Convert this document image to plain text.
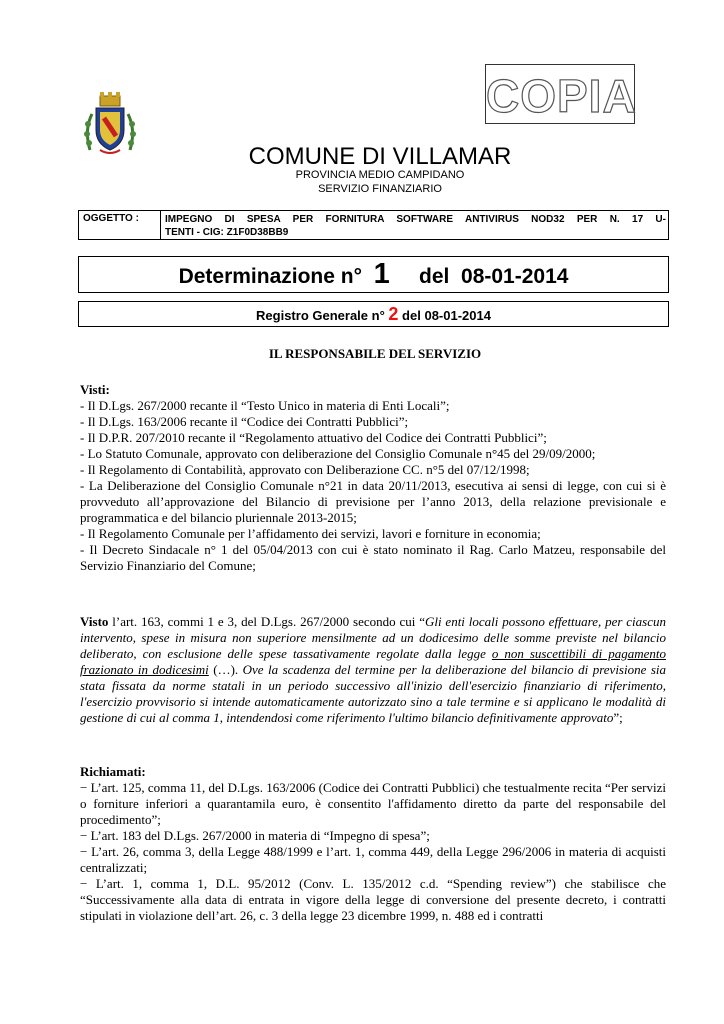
COPIA
COMUNE DI VILLAMAR
PROVINCIA MEDIO CAMPIDANO
SERVIZIO FINANZIARIO
OGGETTO :	IMPEGNO DI SPESA PER FORNITURA SOFTWARE ANTIVIRUS NOD32 PER N. 17 U-
TENTI - CIG: Z1F0D38BB9
Determinazione n° 1 del 08-01-2014
Registro Generale n° 2 del 08-01-2014
IL RESPONSABILE DEL SERVIZIO

Visti:

- Il D.Lgs. 267/2000 recante il “Testo Unico in materia di Enti Locali”;

- Il D.Lgs. 163/2006 recante il “Codice dei Contratti Pubblici”;

- Il D.P.R. 207/2010 recante il “Regolamento attuativo del Codice dei Contratti Pubblici”;

- Lo Statuto Comunale, approvato con deliberazione del Consiglio Comunale n°45 del 29/09/2000;

- Il Regolamento di Contabilità, approvato con Deliberazione CC. n°5 del 07/12/1998;

- La Deliberazione del Consiglio Comunale n°21 in data 20/11/2013, esecutiva ai sensi di legge, con cui si è provveduto all’approvazione del Bilancio di previsione per l’anno 2013, della relazione previsionale e programmatica e del bilancio pluriennale 2013-2015;

- Il Regolamento Comunale per l’affidamento dei servizi, lavori e forniture in economia;

- Il Decreto Sindacale n° 1 del 05/04/2013 con cui è stato nominato il Rag. Carlo Matzeu, responsabile del Servizio Finanziario del Comune;

Visto l’art. 163, commi 1 e 3, del D.Lgs. 267/2000 secondo cui “Gli enti locali possono effettuare, per ciascun intervento, spese in misura non superiore mensilmente ad un dodicesimo delle somme previste nel bilancio deliberato, con esclusione delle spese tassativamente regolate dalla legge o non suscettibili di pagamento frazionato in dodicesimi (…). Ove la scadenza del termine per la deliberazione del bilancio di previsione sia stata fissata da norme statali in un periodo successivo all'inizio dell'esercizio finanziario di riferimento, l'esercizio provvisorio si intende automaticamente autorizzato sino a tale termine e si applicano le modalità di gestione di cui al comma 1, intendendosi come riferimento l'ultimo bilancio definitivamente approvato”;

Richiamati:

− L’art. 125, comma 11, del D.Lgs. 163/2006 (Codice dei Contratti Pubblici) che testualmente recita “Per servizi o forniture inferiori a quarantamila euro, è consentito l'affidamento diretto da parte del responsabile del procedimento”;

− L’art. 183 del D.Lgs. 267/2000 in materia di “Impegno di spesa”;

− L’art. 26, comma 3, della Legge 488/1999 e l’art. 1, comma 449, della Legge 296/2006 in materia di acquisti centralizzati;

− L’art. 1, comma 1, D.L. 95/2012 (Conv. L. 135/2012 c.d. “Spending review”) che stabilisce che “Successivamente alla data di entrata in vigore della legge di conversione del presente decreto, i contratti stipulati in violazione dell’art. 26, c. 3 della legge 23 dicembre 1999, n. 488 ed i contratti
